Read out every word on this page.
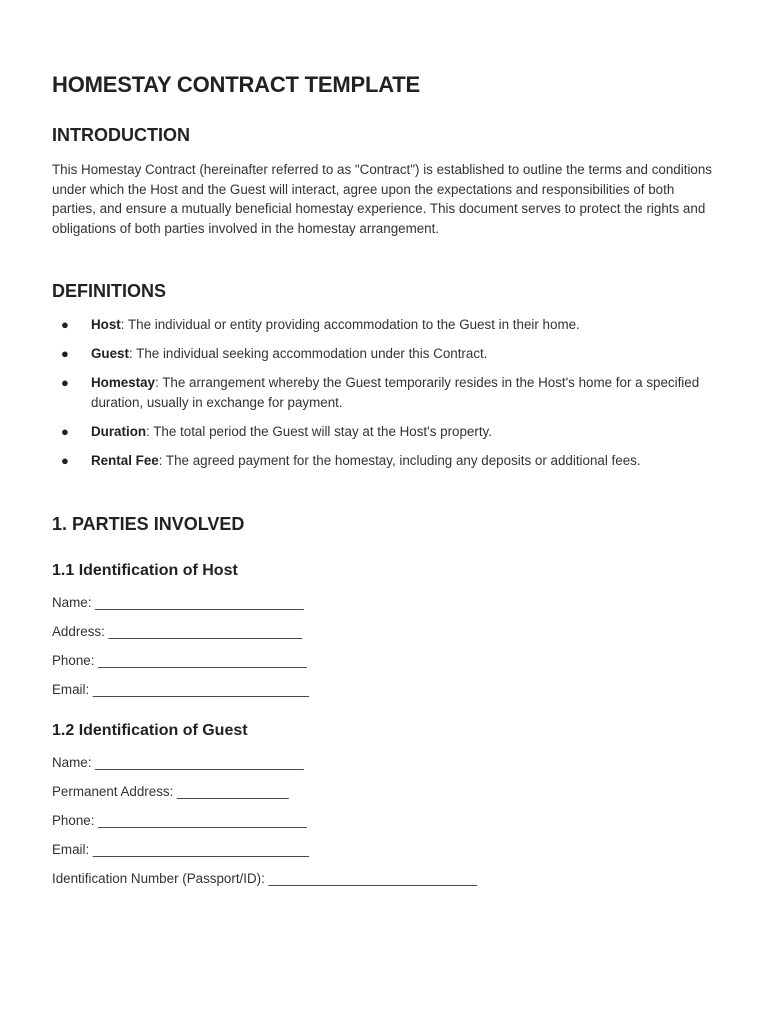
HOMESTAY CONTRACT TEMPLATE
INTRODUCTION

This Homestay Contract (hereinafter referred to as "Contract") is established to outline the terms and conditions under which the Host and the Guest will interact, agree upon the expectations and responsibilities of both parties, and ensure a mutually beneficial homestay experience. This document serves to protect the rights and obligations of both parties involved in the homestay arrangement.

DEFINITIONS
● Host: The individual or entity providing accommodation to the Guest in their home.
● Guest: The individual seeking accommodation under this Contract.
● Homestay: The arrangement whereby the Guest temporarily resides in the Host's home for a specified duration, usually in exchange for payment.
● Duration: The total period the Guest will stay at the Host's property.
● Rental Fee: The agreed payment for the homestay, including any deposits or additional fees.
1. PARTIES INVOLVED
1.1 Identification of Host
Name: ____________________________
Address: __________________________
Phone: ____________________________
Email: _____________________________
1.2 Identification of Guest
Name: ____________________________
Permanent Address: _______________
Phone: ____________________________
Email: _____________________________
Identification Number (Passport/ID): ____________________________
